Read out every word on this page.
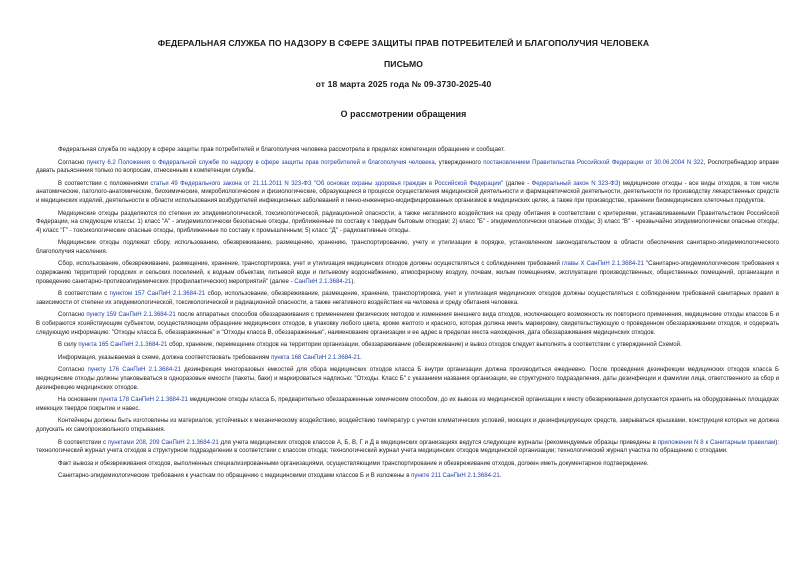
ФЕДЕРАЛЬНАЯ СЛУЖБА ПО НАДЗОРУ В СФЕРЕ ЗАЩИТЫ ПРАВ ПОТРЕБИТЕЛЕЙ И БЛАГОПОЛУЧИЯ ЧЕЛОВЕКА
ПИСЬМО
от 18 марта 2025 года № 09-3730-2025-40
О рассмотрении обращения

Федеральная служба по надзору в сфере защиты прав потребителей и благополучия человека рассмотрела в пределах компетенции обращение и сообщает.

Согласно пункту 6.2 Положения о Федеральной службе по надзору в сфере защиты прав потребителей и благополучия человека, утвержденного постановлением Правительства Российской Федерации от 30.06.2004 N 322, Роспотребнадзор вправе давать разъяснения только по вопросам, отнесенным к компетенции службы.

В соответствии с положениями статьи 49 Федерального закона от 21.11.2011 N 323-ФЗ "Об основах охраны здоровья граждан в Российской Федерации" (далее - Федеральный закон N 323-ФЗ) медицинские отходы - все виды отходов, в том числе анатомические, патолого-анатомические, биохимические, микробиологические и физиологические, образующиеся в процессе осуществления медицинской деятельности и фармацевтической деятельности, деятельности по производству лекарственных средств и медицинских изделий, деятельности в области использования возбудителей инфекционных заболеваний и генно-инженерно-модифицированных организмов в медицинских целях, а также при производстве, хранении биомедицинских клеточных продуктов.

Медицинские отходы разделяются по степени их эпидемиологической, токсикологической, радиационной опасности, а также негативного воздействия на среду обитания в соответствии с критериями, устанавливаемыми Правительством Российской Федерации, на следующие классы: 1) класс "А" - эпидемиологически безопасные отходы, приближенные по составу к твердым бытовым отходам; 2) класс "Б" - эпидемиологически опасные отходы; 3) класс "В" - чрезвычайно эпидемиологически опасные отходы; 4) класс "Г" - токсикологические опасные отходы, приближенные по составу к промышленным; 5) класс "Д" - радиоактивные отходы.

Медицинские отходы подлежат сбору, использованию, обезвреживанию, размещению, хранению, транспортированию, учету и утилизации в порядке, установленном законодательством в области обеспечения санитарно-эпидемиологического благополучия населения.

Сбор, использование, обезвреживание, размещение, хранение, транспортировка, учет и утилизация медицинских отходов должны осуществляться с соблюдением требований главы X СанПиН 2.1.3684-21 "Санитарно-эпидемиологические требования к содержанию территорий городских и сельских поселений, к водным объектам, питьевой воде и питьевому водоснабжению, атмосферному воздуху, почвам, жилым помещениям, эксплуатации производственных, общественных помещений, организации и проведению санитарно-противоэпидемических (профилактических) мероприятий" (далее - СанПиН 2.1.3684-21).

В соответствии с пунктом 157 СанПиН 2.1.3684-21 сбор, использование, обезвреживание, размещение, хранение, транспортировка, учет и утилизация медицинских отходов должны осуществляться с соблюдением требований санитарных правил в зависимости от степени их эпидемиологической, токсикологической и радиационной опасности, а также негативного воздействия на человека и среду обитания человека.

Согласно пункту 159 СанПиН 2.1.3684-21 после аппаратных способов обеззараживания с применением физических методов и изменения внешнего вида отходов, исключающего возможность их повторного применения, медицинские отходы классов Б и В собираются хозяйствующим субъектом, осуществляющим обращение медицинских отходов, в упаковку любого цвета, кроме желтого и красного, которая должна иметь маркировку, свидетельствующую о проведенном обеззараживании отходов, и содержать следующую информацию: "Отходы класса Б, обеззараженные" и "Отходы класса В, обеззараженные", наименование организации и ее адрес в пределах места нахождения, дата обеззараживания медицинских отходов.

В силу пункта 165 СанПиН 2.1.3684-21 сбор, хранение, перемещение отходов на территории организации, обеззараживание (обезвреживание) и вывоз отходов следует выполнять в соответствии с утвержденной Схемой.

Информация, указываемая в схеме, должна соответствовать требованиям пункта 168 СанПиН 2.1.3684-21.

Согласно пункту 176 СанПиН 2.1.3684-21 дезинфекция многоразовых емкостей для сбора медицинских отходов класса Б внутри организации должна производиться ежедневно. После проведения дезинфекции медицинских отходов класса Б медицинские отходы должны упаковываться в одноразовые емкости (пакеты, баки) и маркироваться надписью: "Отходы. Класс Б" с указанием названия организации, ее структурного подразделения, даты дезинфекции и фамилии лица, ответственного за сбор и дезинфекцию медицинских отходов.

На основании пункта 178 СанПиН 2.1.3684-21 медицинские отходы класса Б, предварительно обеззараженные химическим способом, до их вывоза из медицинской организации к месту обезвреживания допускается хранить на оборудованных площадках имеющих твердое покрытие и навес.

Контейнеры должны быть изготовлены из материалов, устойчивых к механическому воздействию, воздействию температур с учетом климатических условий, моющих и дезинфицирующих средств, закрываться крышками, конструкция которых не должна допускать их самопроизвольного открывания.

В соответствии с пунктами 208, 209 СанПиН 2.1.3684-21 для учета медицинских отходов классов А, Б, В, Г и Д в медицинских организациях ведутся следующие журналы (рекомендуемые образцы приведены в приложении N 8 к Санитарным правилам): технологический журнал учета отходов в структурном подразделении в соответствии с классом отхода; технологический журнал учета медицинских отходов медицинской организации; технологический журнал участка по обращению с отходами.

Факт вывоза и обезвреживания отходов, выполненных специализированными организациями, осуществляющими транспортирование и обезвреживание отходов, должен иметь документарное подтверждение.

Санитарно-эпидемиологические требования к участкам по обращению с медицинскими отходами классов Б и В изложены в пункте 211 СанПиН 2.1.3684-21.
